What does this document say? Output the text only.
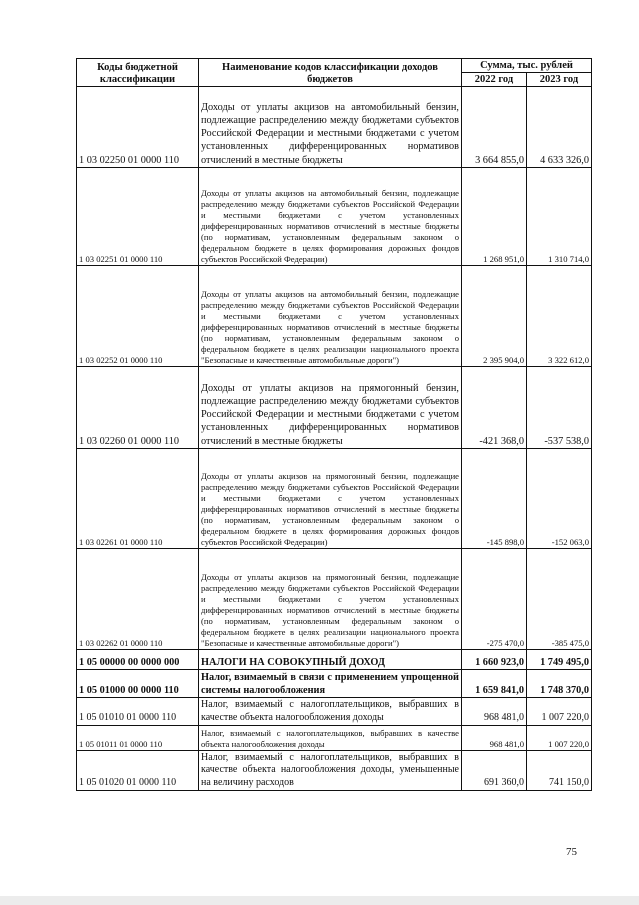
Коды бюджетной классификации	Наименование кодов классификации доходов бюджетов	Сумма, тыс. рублей	
		2022 год	2023 год
1 03 02250 01 0000 110	Доходы от уплаты акцизов на автомобильный бензин, подлежащие распределению между бюджетами субъектов Российской Федерации и местными бюджетами с учетом установленных дифференцированных нормативов отчислений в местные бюджеты	3 664 855,0	4 633 326,0
1 03 02251 01 0000 110	Доходы от уплаты акцизов на автомобильный бензин, подлежащие распределению между бюджетами субъектов Российской Федерации и местными бюджетами с учетом установленных дифференцированных нормативов отчислений в местные бюджеты (по нормативам, установленным федеральным законом о федеральном бюджете в целях формирования дорожных фондов субъектов Российской Федерации)	1 268 951,0	1 310 714,0
1 03 02252 01 0000 110	Доходы от уплаты акцизов на автомобильный бензин, подлежащие распределению между бюджетами субъектов Российской Федерации и местными бюджетами с учетом установленных дифференцированных нормативов отчислений в местные бюджеты (по нормативам, установленным федеральным законом о федеральном бюджете в целях реализации национального проекта "Безопасные и качественные автомобильные дороги")	2 395 904,0	3 322 612,0
1 03 02260 01 0000 110	Доходы от уплаты акцизов на прямогонный бензин, подлежащие распределению между бюджетами субъектов Российской Федерации и местными бюджетами с учетом установленных дифференцированных нормативов отчислений в местные бюджеты	-421 368,0	-537 538,0
1 03 02261 01 0000 110	Доходы от уплаты акцизов на прямогонный бензин, подлежащие распределению между бюджетами субъектов Российской Федерации и местными бюджетами с учетом установленных дифференцированных нормативов отчислений в местные бюджеты (по нормативам, установленным федеральным законом о федеральном бюджете в целях формирования дорожных фондов субъектов Российской Федерации)	-145 898,0	-152 063,0
1 03 02262 01 0000 110	Доходы от уплаты акцизов на прямогонный бензин, подлежащие распределению между бюджетами субъектов Российской Федерации и местными бюджетами с учетом установленных дифференцированных нормативов отчислений в местные бюджеты (по нормативам, установленным федеральным законом о федеральном бюджете в целях реализации национального проекта "Безопасные и качественные автомобильные дороги")	-275 470,0	-385 475,0
1 05 00000 00 0000 000	НАЛОГИ НА СОВОКУПНЫЙ ДОХОД	1 660 923,0	1 749 495,0
1 05 01000 00 0000 110	Налог, взимаемый в связи с применением упрощенной системы налогообложения	1 659 841,0	1 748 370,0
1 05 01010 01 0000 110	Налог, взимаемый с налогоплательщиков, выбравших в качестве объекта налогообложения доходы	968 481,0	1 007 220,0
1 05 01011 01 0000 110	Налог, взимаемый с налогоплательщиков, выбравших в качестве объекта налогообложения доходы	968 481,0	1 007 220,0
1 05 01020 01 0000 110	Налог, взимаемый с налогоплательщиков, выбравших в качестве объекта налогообложения доходы, уменьшенные на величину расходов	691 360,0	741 150,0
75
